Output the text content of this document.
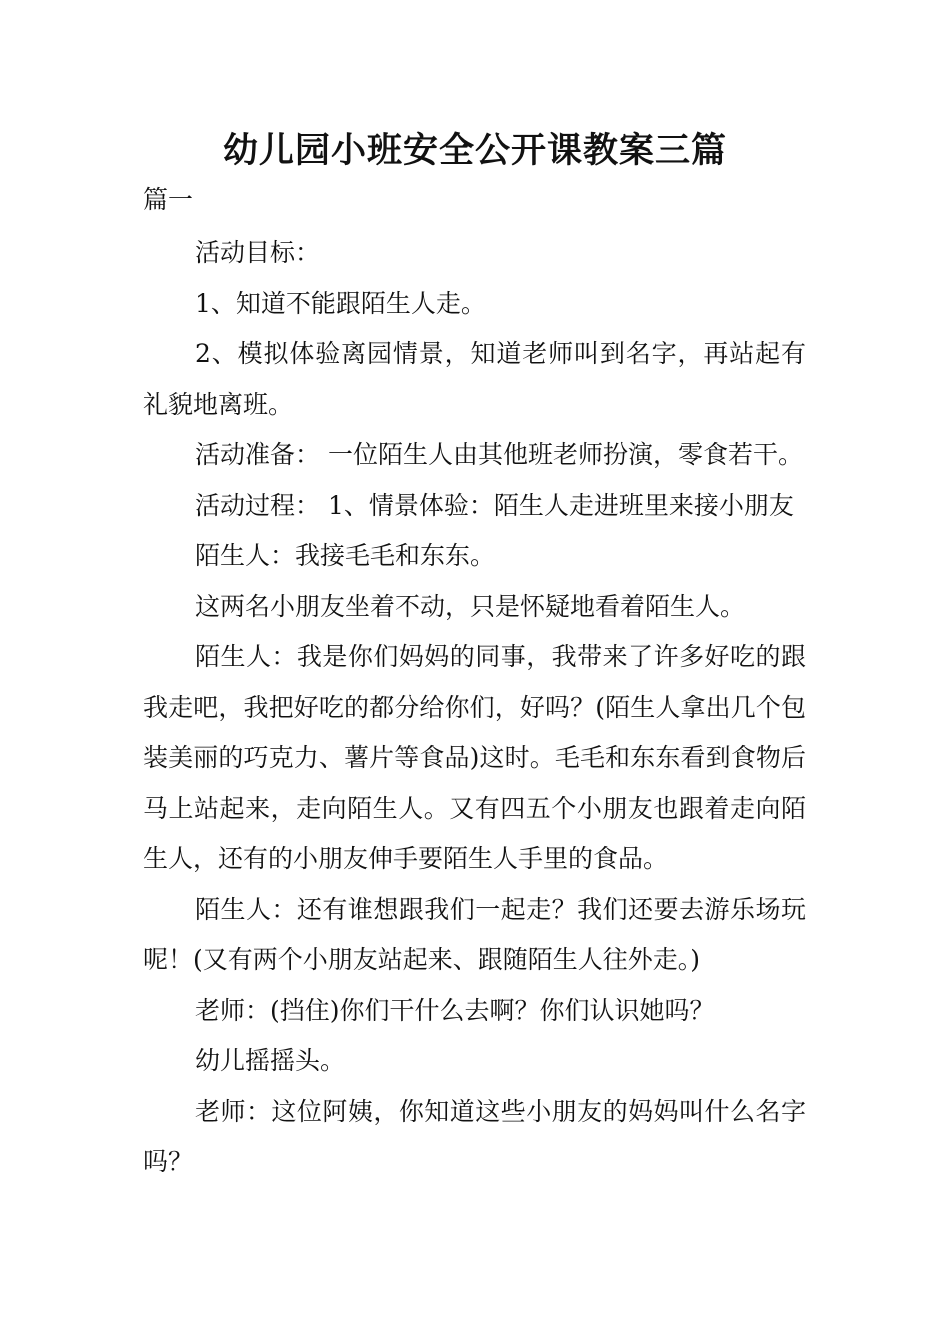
幼儿园小班安全公开课教案三篇
篇一

活动目标：

1、知道不能跟陌生人走。

2、模拟体验离园情景，知道老师叫到名字，再站起有礼貌地离班。

活动准备： 一位陌生人由其他班老师扮演，零食若干。

活动过程： 1、情景体验：陌生人走进班里来接小朋友

陌生人：我接毛毛和东东。

这两名小朋友坐着不动，只是怀疑地看着陌生人。

陌生人：我是你们妈妈的同事，我带来了许多好吃的跟我走吧，我把好吃的都分给你们，好吗？(陌生人拿出几个包装美丽的巧克力、薯片等食品)这时。毛毛和东东看到食物后马上站起来，走向陌生人。又有四五个小朋友也跟着走向陌生人，还有的小朋友伸手要陌生人手里的食品。

陌生人：还有谁想跟我们一起走？我们还要去游乐场玩呢！(又有两个小朋友站起来、跟随陌生人往外走。)

老师：(挡住)你们干什么去啊？你们认识她吗？

幼儿摇摇头。

老师：这位阿姨，你知道这些小朋友的妈妈叫什么名字吗？
